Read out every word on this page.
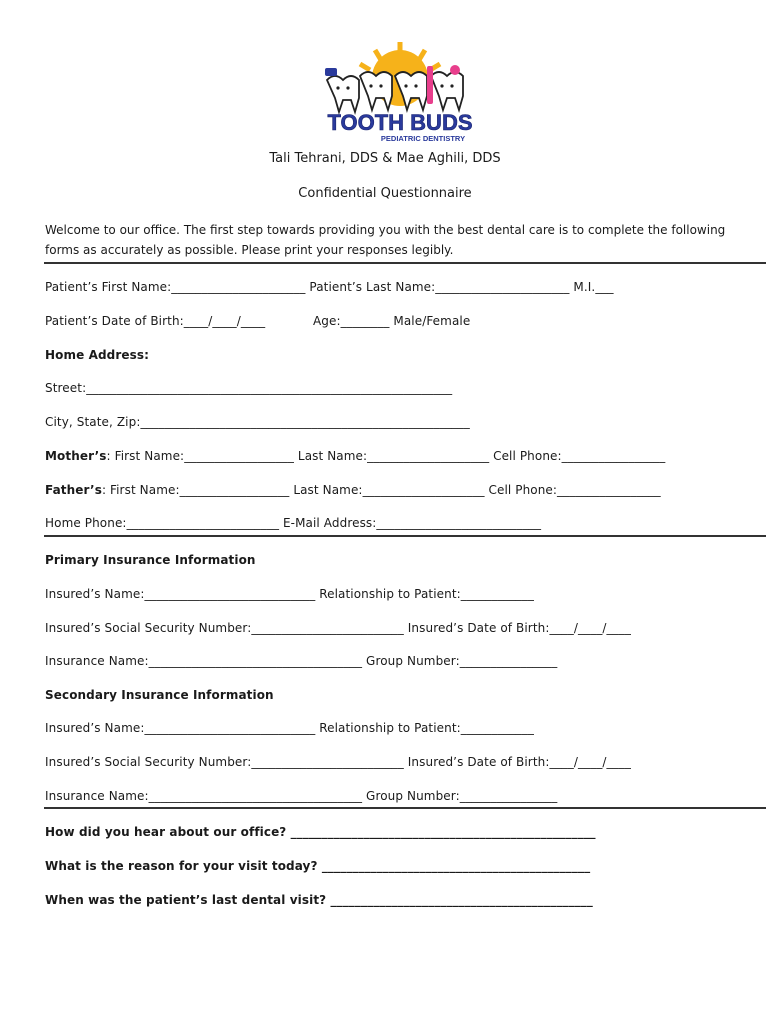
TOOTH BUDS
PEDIATRIC DENTISTRY
Tali Tehrani, DDS & Mae Aghili, DDS
Confidential Questionnaire
Welcome to our office. The first step towards providing you with the best dental care is to complete the following forms as accurately as possible. Please print your responses legibly.
Patient’s First Name:______________________ Patient’s Last Name:______________________ M.I.___
Patient’s Date of Birth:____/____/____	Age:________ Male/Female
Home Address:
Street:____________________________________________________________
City, State, Zip:______________________________________________________
Mother’s: First Name:__________________ Last Name:____________________ Cell Phone:_________________
Father’s: First Name:__________________ Last Name:____________________ Cell Phone:_________________
Home Phone:_________________________ E-Mail Address:___________________________
Primary Insurance Information
Insured’s Name:____________________________ Relationship to Patient:____________
Insured’s Social Security Number:_________________________ Insured’s Date of Birth:____/____/____
Insurance Name:___________________________________ Group Number:________________
Secondary Insurance Information
Insured’s Name:____________________________ Relationship to Patient:____________
Insured’s Social Security Number:_________________________ Insured’s Date of Birth:____/____/____
Insurance Name:___________________________________ Group Number:________________
How did you hear about our office? __________________________________________________
What is the reason for your visit today? ____________________________________________
When was the patient’s last dental visit? ___________________________________________
